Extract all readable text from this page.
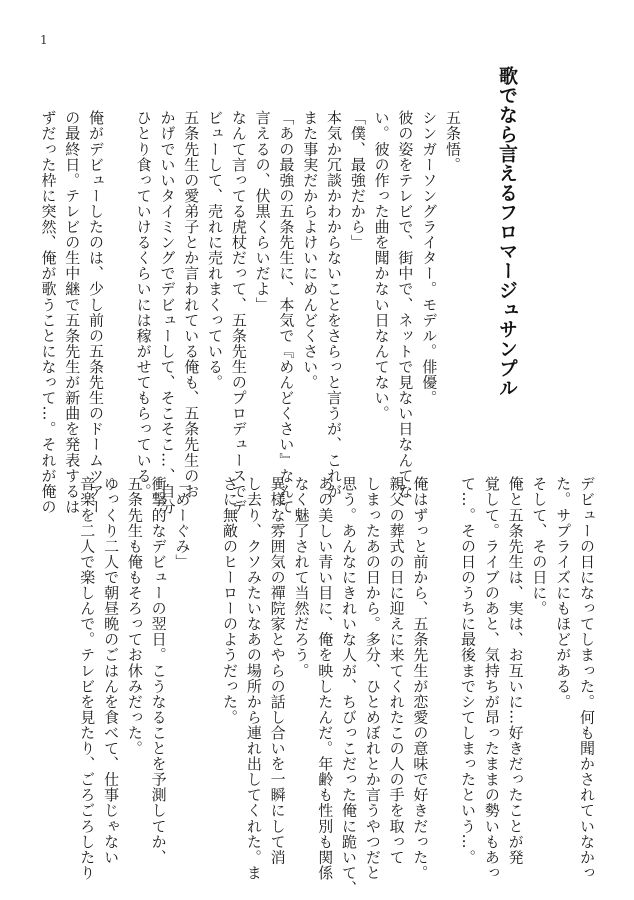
1
歌でなら言えるフロマージュサンプル
五条悟。
シンガーソングライター。モデル。俳優。
彼の姿をテレビで、街中で、ネットで見ない日なんてな
い。彼の作った曲を聞かない日なんてない。
「僕、最強だから」
本気か冗談かわからないことをさらっと言うが、これが
また事実だからよけいにめんどくさい。
「あの最強の五条先生に、本気で『めんどくさい』なんて
言えるの、伏黒くらいだよ」
なんて言ってる虎杖だって、五条先生のプロデュースでデ
ビューして、売れに売れまくっている。
五条先生の愛弟子とか言われている俺も、五条先生のお
かげでいいタイミングでデビューして、そこそこ…、自分
ひとり食っていけるくらいには稼がせてもらっている。
俺がデビューしたのは、少し前の五条先生のドームツアー
の最終日。テレビの生中継で五条先生が新曲を発表するは
ずだった枠に突然、俺が歌うことになって…。それが俺の
デビューの日になってしまった。何も聞かされていなかっ
た。サプライズにもほどがある。
そして、その日に。
俺と五条先生は、実は、お互いに…好きだったことが発
覚して。ライブのあと、気持ちが昂ったままの勢いもあっ
て…。その日のうちに最後までシてしまったという…。
俺はずっと前から、五条先生が恋愛の意味で好きだった。
親父の葬式の日に迎えに来てくれたこの人の手を取って
しまったあの日から。多分、ひとめぼれとか言うやつだと
思う。あんなにきれいな人が、ちびっこだった俺に跪いて、
あの美しい青い目に、俺を映したんだ。年齢も性別も関係
なく魅了されて当然だろう。
異様な雰囲気の禪院家とやらの話し合いを一瞬にして消
し去り、クソみたいなあの場所から連れ出してくれた。ま
さに無敵のヒーローのようだった。
「めーぐみ」
衝撃的なデビューの翌日。こうなることを予測してか、
五条先生も俺もそろってお休みだった。
ゆっくり二人で朝昼晩のごはんを食べて、仕事じゃない
音楽を二人で楽しんで。テレビを見たり、ごろごろしたり
